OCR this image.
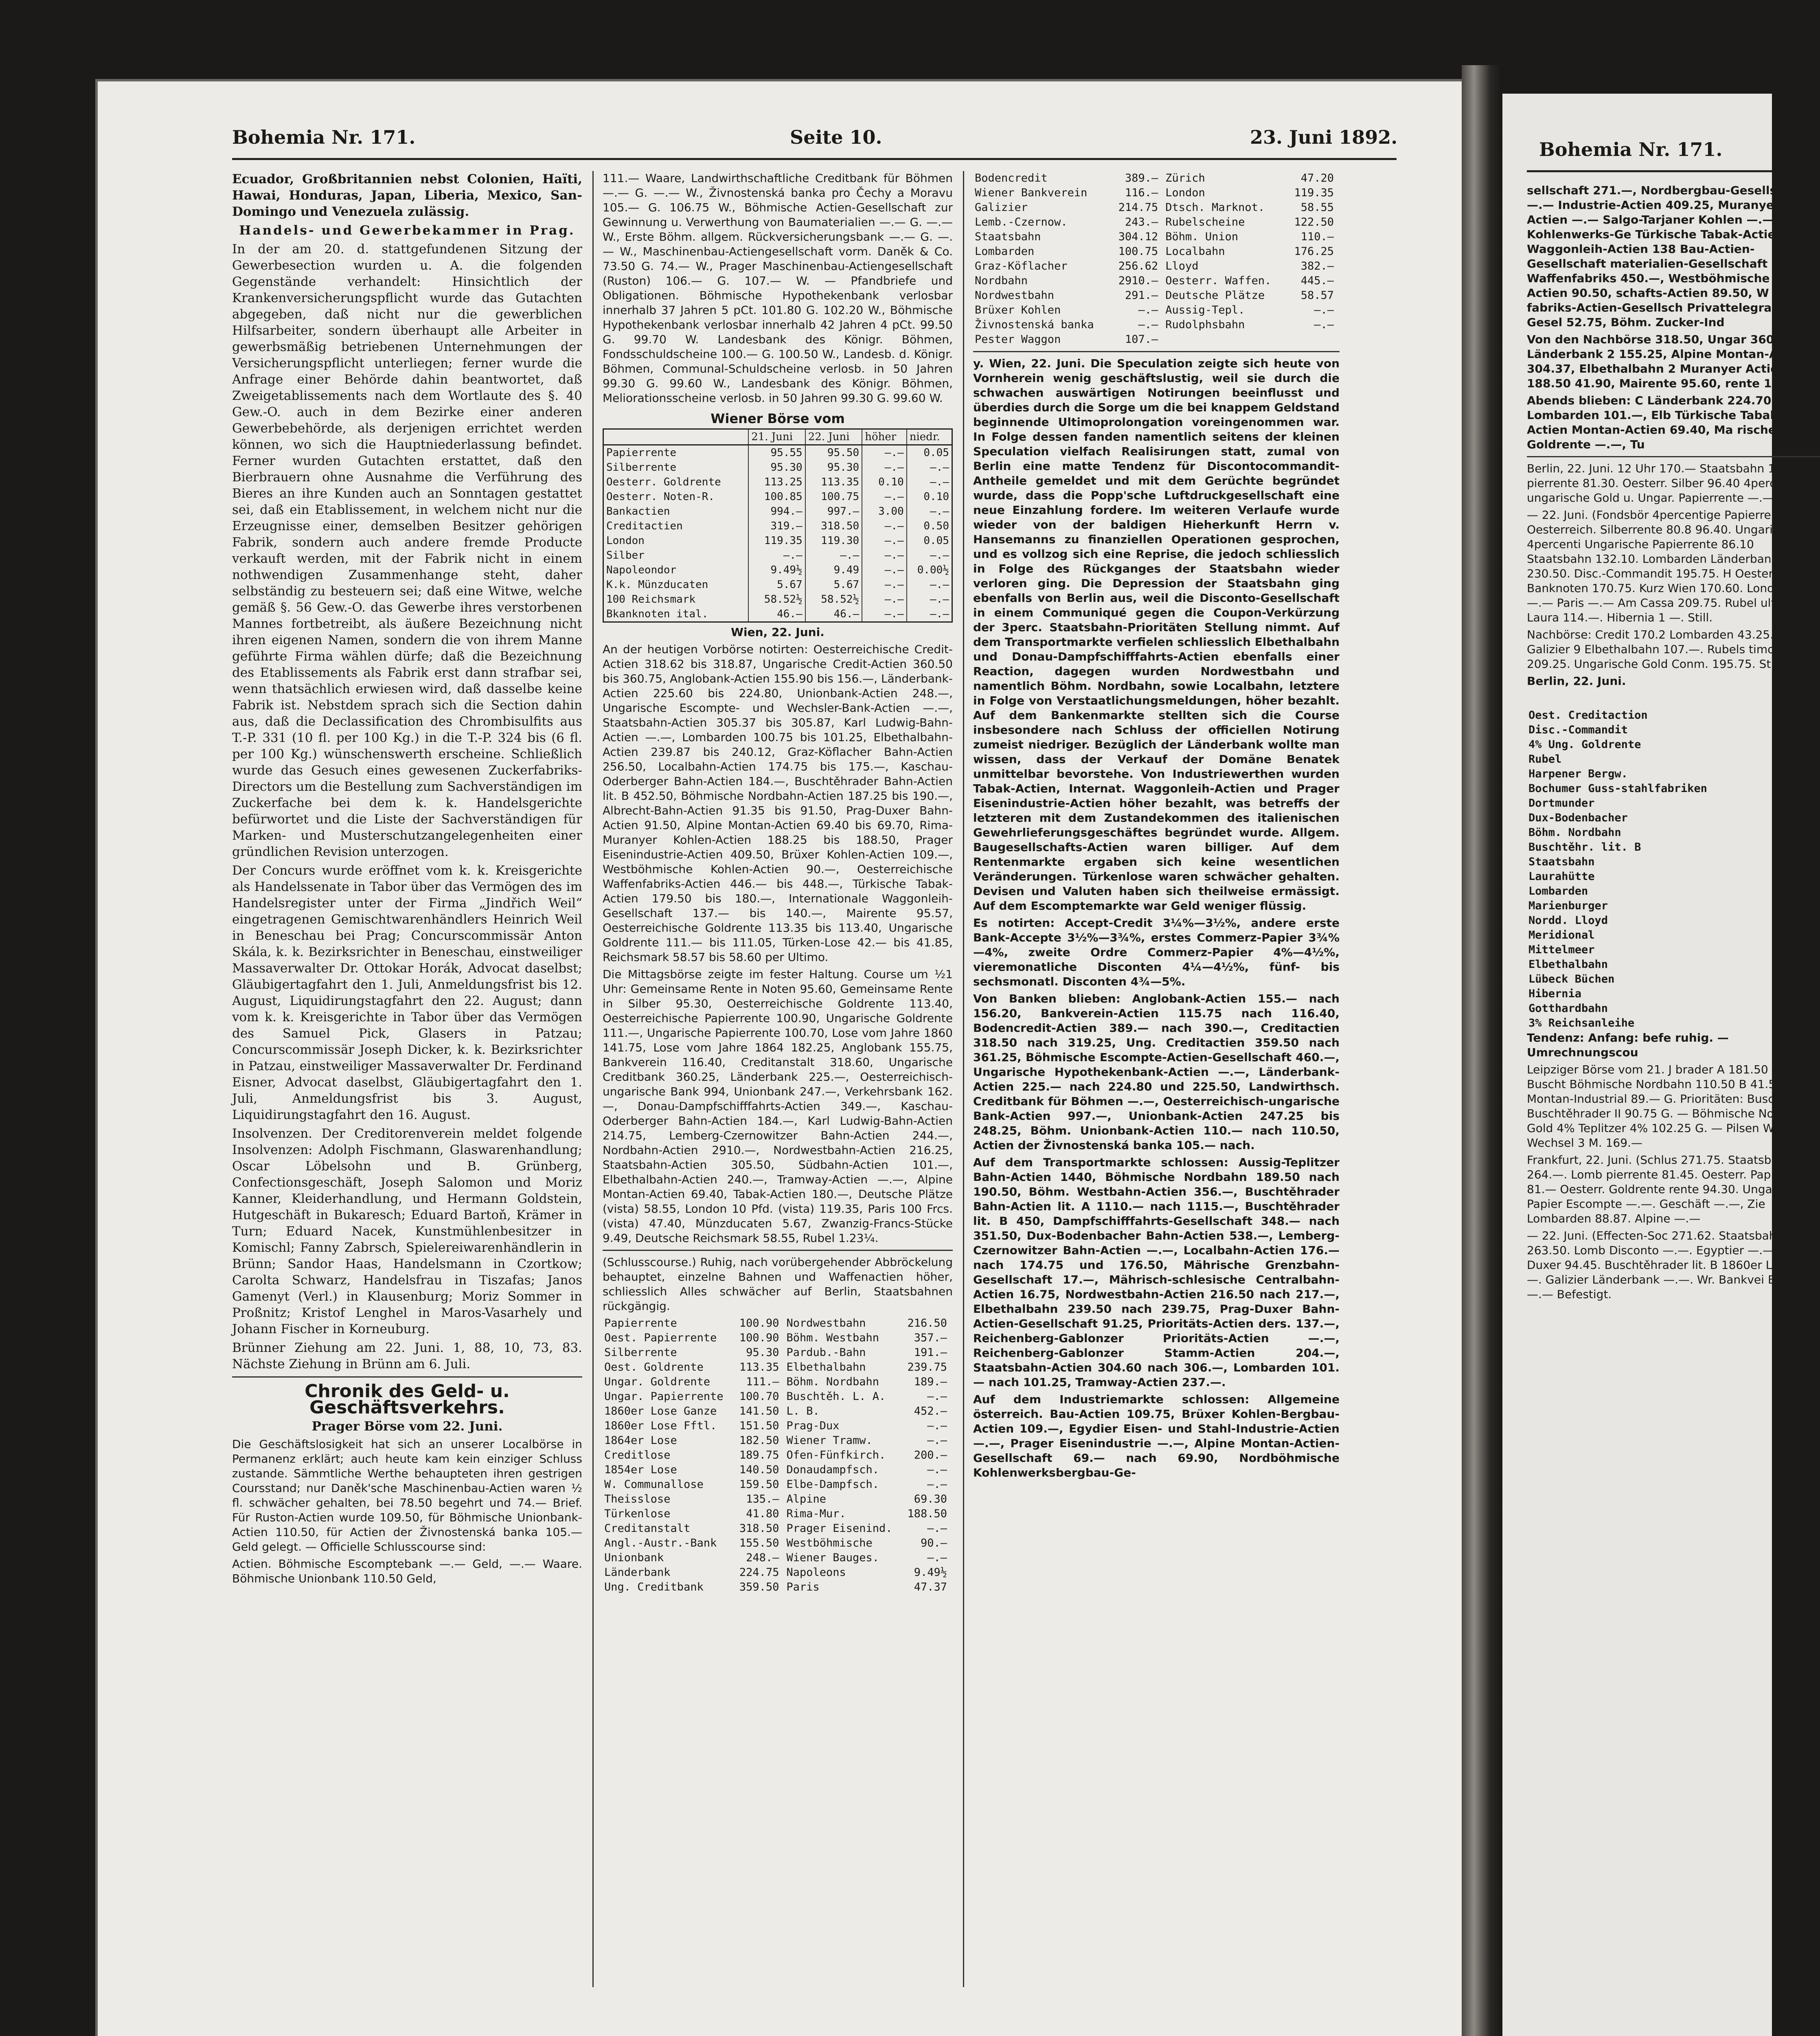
Bohemia Nr. 171.	Seite 10.	23. Juni 1892.

Ecuador, Großbritannien nebst Colonien, Haïti, Hawai, Honduras, Japan, Liberia, Mexico, San-Domingo und Venezuela zulässig.

Handels- und Gewerbekammer in Prag.

In der am 20. d. stattgefundenen Sitzung der Gewerbesection wurden u. A. die folgenden Gegenstände verhandelt: Hinsichtlich der Krankenversicherungspflicht wurde das Gutachten abgegeben, daß nicht nur die gewerblichen Hilfsarbeiter, sondern überhaupt alle Arbeiter in gewerbsmäßig betriebenen Unternehmungen der Versicherungspflicht unterliegen; ferner wurde die Anfrage einer Behörde dahin beantwortet, daß Zweigetablissements nach dem Wortlaute des §. 40 Gew.-O. auch in dem Bezirke einer anderen Gewerbebehörde, als derjenigen errichtet werden können, wo sich die Hauptniederlassung befindet. Ferner wurden Gutachten erstattet, daß den Bierbrauern ohne Ausnahme die Verführung des Bieres an ihre Kunden auch an Sonntagen gestattet sei, daß ein Etablissement, in welchem nicht nur die Erzeugnisse einer, demselben Besitzer gehörigen Fabrik, sondern auch andere fremde Producte verkauft werden, mit der Fabrik nicht in einem nothwendigen Zusammenhange steht, daher selbständig zu besteuern sei; daß eine Witwe, welche gemäß §. 56 Gew.-O. das Gewerbe ihres verstorbenen Mannes fortbetreibt, als äußere Bezeichnung nicht ihren eigenen Namen, sondern die von ihrem Manne geführte Firma wählen dürfe; daß die Bezeichnung des Etablissements als Fabrik erst dann strafbar sei, wenn thatsächlich erwiesen wird, daß dasselbe keine Fabrik ist. Nebstdem sprach sich die Section dahin aus, daß die Declassification des Chrombisulfits aus T.-P. 331 (10 fl. per 100 Kg.) in die T.-P. 324 bis (6 fl. per 100 Kg.) wünschenswerth erscheine. Schließlich wurde das Gesuch eines gewesenen Zuckerfabriks-Directors um die Bestellung zum Sachverständigen im Zuckerfache bei dem k. k. Handelsgerichte befürwortet und die Liste der Sachverständigen für Marken- und Musterschutzangelegenheiten einer gründlichen Revision unterzogen.

Der Concurs wurde eröffnet vom k. k. Kreisgerichte als Handelssenate in Tabor über das Vermögen des im Handelsregister unter der Firma „Jindřich Weil“ eingetragenen Gemischtwarenhändlers Heinrich Weil in Beneschau bei Prag; Concurscommissär Anton Skála, k. k. Bezirksrichter in Beneschau, einstweiliger Massaverwalter Dr. Ottokar Horák, Advocat daselbst; Gläubigertagfahrt den 1. Juli, Anmeldungsfrist bis 12. August, Liquidirungstagfahrt den 22. August; dann vom k. k. Kreisgerichte in Tabor über das Vermögen des Samuel Pick, Glasers in Patzau; Concurscommissär Joseph Dicker, k. k. Bezirksrichter in Patzau, einstweiliger Massaverwalter Dr. Ferdinand Eisner, Advocat daselbst, Gläubigertagfahrt den 1. Juli, Anmeldungsfrist bis 3. August, Liquidirungstagfahrt den 16. August.

Insolvenzen. Der Creditorenverein meldet folgende Insolvenzen: Adolph Fischmann, Glaswarenhandlung; Oscar Löbelsohn und B. Grünberg, Confectionsgeschäft, Joseph Salomon und Moriz Kanner, Kleiderhandlung, und Hermann Goldstein, Hutgeschäft in Bukaresch; Eduard Bartoň, Krämer in Turn; Eduard Nacek, Kunstmühlenbesitzer in Komischl; Fanny Zabrsch, Spielereiwarenhändlerin in Brünn; Sandor Haas, Handelsmann in Czortkow; Carolta Schwarz, Handelsfrau in Tiszafas; Janos Gamenyt (Verl.) in Klausenburg; Moriz Sommer in Proßnitz; Kristof Lenghel in Maros-Vasarhely und Johann Fischer in Korneuburg.

Brünner Ziehung am 22. Juni. 1, 88, 10, 73, 83. Nächste Ziehung in Brünn am 6. Juli.

Chronik des Geld- u. Geschäftsverkehrs.

Prager Börse vom 22. Juni.

Die Geschäftslosigkeit hat sich an unserer Localbörse in Permanenz erklärt; auch heute kam kein einziger Schluss zustande. Sämmtliche Werthe behaupteten ihren gestrigen Coursstand; nur Daněk'sche Maschinenbau-Actien waren ½ fl. schwächer gehalten, bei 78.50 begehrt und 74.— Brief. Für Ruston-Actien wurde 109.50, für Böhmische Unionbank-Actien 110.50, für Actien der Živnostenská banka 105.— Geld gelegt. — Officielle Schlusscourse sind:

Actien. Böhmische Escomptebank —.— Geld, —.— Waare. Böhmische Unionbank 110.50 Geld,

111.— Waare, Landwirthschaftliche Creditbank für Böhmen —.— G. —.— W., Živnostenská banka pro Čechy a Moravu 105.— G. 106.75 W., Böhmische Actien-Gesellschaft zur Gewinnung u. Verwerthung von Baumaterialien —.— G. —.— W., Erste Böhm. allgem. Rückversicherungsbank —.— G. —.— W., Maschinenbau-Actiengesellschaft vorm. Daněk & Co. 73.50 G. 74.— W., Prager Maschinenbau-Actiengesellschaft (Ruston) 106.— G. 107.— W. — Pfandbriefe und Obligationen. Böhmische Hypothekenbank verlosbar innerhalb 37 Jahren 5 pCt. 101.80 G. 102.20 W., Böhmische Hypothekenbank verlosbar innerhalb 42 Jahren 4 pCt. 99.50 G. 99.70 W. Landesbank des Königr. Böhmen, Fondsschuldscheine 100.— G. 100.50 W., Landesb. d. Königr. Böhmen, Communal-Schuldscheine verlosb. in 50 Jahren 99.30 G. 99.60 W., Landesbank des Königr. Böhmen, Meliorationsscheine verlosb. in 50 Jahren 99.30 G. 99.60 W.

Wiener Börse vom
	21. Juni	22. Juni	höher	niedr.
Papierrente	95.55	95.50	—.—	0.05
Silberrente	95.30	95.30	—.—	—.—
Oesterr. Goldrente	113.25	113.35	0.10	—.—
Oesterr. Noten-R.	100.85	100.75	—.—	0.10
Bankactien	994.—	997.—	3.00	—.—
Creditactien	319.—	318.50	—.—	0.50
London	119.35	119.30	—.—	0.05
Silber	—.—	—.—	—.—	—.—
Napoleondor	9.49½	9.49	—.—	0.00½
K.k. Münzducaten	5.67	5.67	—.—	—.—
100 Reichsmark	58.52½	58.52½	—.—	—.—
Bkanknoten ital.	46.—	46.—	—.—	—.—

Wien, 22. Juni.

An der heutigen Vorbörse notirten: Oesterreichische Credit-Actien 318.62 bis 318.87, Ungarische Credit-Actien 360.50 bis 360.75, Anglobank-Actien 155.90 bis 156.—, Länderbank-Actien 225.60 bis 224.80, Unionbank-Actien 248.—, Ungarische Escompte- und Wechsler-Bank-Actien —.—, Staatsbahn-Actien 305.37 bis 305.87, Karl Ludwig-Bahn-Actien —.—, Lombarden 100.75 bis 101.25, Elbethalbahn-Actien 239.87 bis 240.12, Graz-Köflacher Bahn-Actien 256.50, Localbahn-Actien 174.75 bis 175.—, Kaschau-Oderberger Bahn-Actien 184.—, Buschtěhrader Bahn-Actien lit. B 452.50, Böhmische Nordbahn-Actien 187.25 bis 190.—, Albrecht-Bahn-Actien 91.35 bis 91.50, Prag-Duxer Bahn-Actien 91.50, Alpine Montan-Actien 69.40 bis 69.70, Rima-Muranyer Kohlen-Actien 188.25 bis 188.50, Prager Eisenindustrie-Actien 409.50, Brüxer Kohlen-Actien 109.—, Westböhmische Kohlen-Actien 90.—, Oesterreichische Waffenfabriks-Actien 446.— bis 448.—, Türkische Tabak-Actien 179.50 bis 180.—, Internationale Waggonleih-Gesellschaft 137.— bis 140.—, Mairente 95.57, Oesterreichische Goldrente 113.35 bis 113.40, Ungarische Goldrente 111.— bis 111.05, Türken-Lose 42.— bis 41.85, Reichsmark 58.57 bis 58.60 per Ultimo.

Die Mittagsbörse zeigte im fester Haltung. Course um ½1 Uhr: Gemeinsame Rente in Noten 95.60, Gemeinsame Rente in Silber 95.30, Oesterreichische Goldrente 113.40, Oesterreichische Papierrente 100.90, Ungarische Goldrente 111.—, Ungarische Papierrente 100.70, Lose vom Jahre 1860 141.75, Lose vom Jahre 1864 182.25, Anglobank 155.75, Bankverein 116.40, Creditanstalt 318.60, Ungarische Creditbank 360.25, Länderbank 225.—, Oesterreichisch-ungarische Bank 994, Unionbank 247.—, Verkehrsbank 162.—, Donau-Dampfschifffahrts-Actien 349.—, Kaschau-Oderberger Bahn-Actien 184.—, Karl Ludwig-Bahn-Actien 214.75, Lemberg-Czernowitzer Bahn-Actien 244.—, Nordbahn-Actien 2910.—, Nordwestbahn-Actien 216.25, Staatsbahn-Actien 305.50, Südbahn-Actien 101.—, Elbethalbahn-Actien 240.—, Tramway-Actien —.—, Alpine Montan-Actien 69.40, Tabak-Actien 180.—, Deutsche Plätze (vista) 58.55, London 10 Pfd. (vista) 119.35, Paris 100 Frcs. (vista) 47.40, Münzducaten 5.67, Zwanzig-Francs-Stücke 9.49, Deutsche Reichsmark 58.55, Rubel 1.23¼.

(Schlusscourse.) Ruhig, nach vorübergehender Abbröckelung behauptet, einzelne Bahnen und Waffenactien höher, schliesslich Alles schwächer auf Berlin, Staatsbahnen rückgängig.

Papierrente	100.90	Nordwestbahn	216.50
Oest. Papierrente	100.90	Böhm. Westbahn	357.—
Silberrente	95.30	Pardub.-Bahn	191.—
Oest. Goldrente	113.35	Elbethalbahn	239.75
Ungar. Goldrente	111.—	Böhm. Nordbahn	189.—
Ungar. Papierrente	100.70	Buschtěh. L. A.	—.—
1860er Lose Ganze	141.50	L. B.	452.—
1860er Lose Fftl.	151.50	Prag-Dux	—.—
1864er Lose	182.50	Wiener Tramw.	—.—
Creditlose	189.75	Ofen-Fünfkirch.	200.—
1854er Lose	140.50	Donaudampfsch.	—.—
W. Communallose	159.50	Elbe-Dampfsch.	—.—
Theisslose	135.—	Alpine	69.30
Türkenlose	41.80	Rima-Mur.	188.50
Creditanstalt	318.50	Prager Eisenind.	—.—
Angl.-Austr.-Bank	155.50	Westböhmische	90.—
Unionbank	248.—	Wiener Bauges.	—.—
Länderbank	224.75	Napoleons	9.49½
Ung. Creditbank	359.50	Paris	47.37
Bodencredit	389.—	Zürich	47.20
Wiener Bankverein	116.—	London	119.35
Galizier	214.75	Dtsch. Marknot.	58.55
Lemb.-Czernow.	243.—	Rubelscheine	122.50
Staatsbahn	304.12	Böhm. Union	110.—
Lombarden	100.75	Localbahn	176.25
Graz-Köflacher	256.62	Lloyd	382.—
Nordbahn	2910.—	Oesterr. Waffen.	445.—
Nordwestbahn	291.—	Deutsche Plätze	58.57
Brüxer Kohlen	—.—	Aussig-Tepl.	—.—
Živnostenská banka	—.—	Rudolphsbahn	—.—
Pester Waggon	107.—		

y. Wien, 22. Juni. Die Speculation zeigte sich heute von Vornherein wenig geschäftslustig, weil sie durch die schwachen auswärtigen Notirungen beeinflusst und überdies durch die Sorge um die bei knappem Geldstand beginnende Ultimoprolongation voreingenommen war. In Folge dessen fanden namentlich seitens der kleinen Speculation vielfach Realisirungen statt, zumal von Berlin eine matte Tendenz für Discontocommandit-Antheile gemeldet und mit dem Gerüchte begründet wurde, dass die Popp'sche Luftdruckgesellschaft eine neue Einzahlung fordere. Im weiteren Verlaufe wurde wieder von der baldigen Hieherkunft Herrn v. Hansemanns zu finanziellen Operationen gesprochen, und es vollzog sich eine Reprise, die jedoch schliesslich in Folge des Rückganges der Staatsbahn wieder verloren ging. Die Depression der Staatsbahn ging ebenfalls von Berlin aus, weil die Disconto-Gesellschaft in einem Communiqué gegen die Coupon-Verkürzung der 3perc. Staatsbahn-Prioritäten Stellung nimmt. Auf dem Transportmarkte verfielen schliesslich Elbethalbahn und Donau-Dampfschifffahrts-Actien ebenfalls einer Reaction, dagegen wurden Nordwestbahn und namentlich Böhm. Nordbahn, sowie Localbahn, letztere in Folge von Verstaatlichungsmeldungen, höher bezahlt. Auf dem Bankenmarkte stellten sich die Course insbesondere nach Schluss der officiellen Notirung zumeist niedriger. Bezüglich der Länderbank wollte man wissen, dass der Verkauf der Domäne Benatek unmittelbar bevorstehe. Von Industriewerthen wurden Tabak-Actien, Internat. Waggonleih-Actien und Prager Eisenindustrie-Actien höher bezahlt, was betreffs der letzteren mit dem Zustandekommen des italienischen Gewehrlieferungsgeschäftes begründet wurde. Allgem. Baugesellschafts-Actien waren billiger. Auf dem Rentenmarkte ergaben sich keine wesentlichen Veränderungen. Türkenlose waren schwächer gehalten. Devisen und Valuten haben sich theilweise ermässigt. Auf dem Escomptemarkte war Geld weniger flüssig.

Es notirten: Accept-Credit 3¼%—3½%, andere erste Bank-Accepte 3½%—3¾%, erstes Commerz-Papier 3¾%—4%, zweite Ordre Commerz-Papier 4%—4½%, vieremonatliche Disconten 4¼—4½%, fünf- bis sechsmonatl. Disconten 4¾—5%.

Von Banken blieben: Anglobank-Actien 155.— nach 156.20, Bankverein-Actien 115.75 nach 116.40, Bodencredit-Actien 389.— nach 390.—, Creditactien 318.50 nach 319.25, Ung. Creditactien 359.50 nach 361.25, Böhmische Escompte-Actien-Gesellschaft 460.—, Ungarische Hypothekenbank-Actien —.—, Länderbank-Actien 225.— nach 224.80 und 225.50, Landwirthsch. Creditbank für Böhmen —.—, Oesterreichisch-ungarische Bank-Actien 997.—, Unionbank-Actien 247.25 bis 248.25, Böhm. Unionbank-Actien 110.— nach 110.50, Actien der Živnostenská banka 105.— nach.

Auf dem Transportmarkte schlossen: Aussig-Teplitzer Bahn-Actien 1440, Böhmische Nordbahn 189.50 nach 190.50, Böhm. Westbahn-Actien 356.—, Buschtěhrader Bahn-Actien lit. A 1110.— nach 1115.—, Buschtěhrader lit. B 450, Dampfschifffahrts-Gesellschaft 348.— nach 351.50, Dux-Bodenbacher Bahn-Actien 538.—, Lemberg-Czernowitzer Bahn-Actien —.—, Localbahn-Actien 176.— nach 174.75 und 176.50, Mährische Grenzbahn-Gesellschaft 17.—, Mährisch-schlesische Centralbahn-Actien 16.75, Nordwestbahn-Actien 216.50 nach 217.—, Elbethalbahn 239.50 nach 239.75, Prag-Duxer Bahn-Actien-Gesellschaft 91.25, Prioritäts-Actien ders. 137.—, Reichenberg-Gablonzer Prioritäts-Actien —.—, Reichenberg-Gablonzer Stamm-Actien 204.—, Staatsbahn-Actien 304.60 nach 306.—, Lombarden 101.— nach 101.25, Tramway-Actien 237.—.

Auf dem Industriemarkte schlossen: Allgemeine österreich. Bau-Actien 109.75, Brüxer Kohlen-Bergbau-Actien 109.—, Egydier Eisen- und Stahl-Industrie-Actien —.—, Prager Eisenindustrie —.—, Alpine Montan-Actien-Gesellschaft 69.— nach 69.90, Nordböhmische Kohlenwerksbergbau-Ge-

Bohemia Nr. 171.

sellschaft 271.—, Nordbergbau-Gesellschaft —.— Industrie-Actien 409.25, Muranyer Actien —.— Salgo-Tarjaner Kohlen —.— faller Kohlenwerks-Ge Türkische Tabak-Actie Waggonleih-Actien 138 Bau-Actien-Gesellschaft materialien-Gesellschaft rische Waffenfabriks 450.—, Westböhmische verein-Actien 90.50, schafts-Actien 89.50, W fabriks-Actien-Gesellsch Privattelegraphen-Gesel 52.75, Böhm. Zucker-Ind

Von den Nachbörse 318.50, Ungar 360.25, Länderbank 2 155.25, Alpine Montan-A 304.37, Elbethalbahn 2 Muranyer Actien 188.50 41.90, Mairente 95.60, rente 111.—.

Abends blieben: C Länderbank 224.70, E Lombarden 101.—, Elb Türkische Tabak-Actien Montan-Actien 69.40, Ma rische Goldrente —.—, Tu

Berlin, 22. Juni. 12 Uhr 170.— Staatsbahn 132.75. pierrente 81.30. Oesterr. Silber 96.40 4perc. ungarische Gold u. Ungar. Papierrente —.—,

— 22. Juni. (Fondsbör 4percentige Papierrente —.— Oesterreich. Silberrente 80.8 96.40. Ungarische 4percenti Ungarische Papierrente 86.10 Staatsbahn 132.10. Lombarden Länderbank 230.50. Disc.-Commandit 195.75. H Oesterr. Banknoten 170.75. Kurz Wien 170.60. London lang —.— Paris —.— Am Cassa 209.75. Rubel ult. 209 Laura 114.—. Hibernia 1 —. Still.

Nachbörse: Credit 170.2 Lombarden 43.25. Galizier 9 Elbethalbahn 107.—. Rubels timo 209.25. Ungarische Gold Conm. 195.75. Still.

Berlin, 22. Juni.

Anfang

Oest. Creditaction	170.—
Disc.-Commandit	195.80
4% Ung. Goldrente	—.—
Rubel	210.—
Harpener Bergw.	149.10
Bochumer Guss-stahlfabriken	133.80
Dortmunder	—.—
Dux-Bodenbacher	—.—
Böhm. Nordbahn	—.—
Buschtěhr. lit. B	193.20
Staatsbahn	—.—
Laurahütte	—.—
Lombarden	43.40
Marienburger	—.—
Nordd. Lloyd	110.40
Meridional	—.—
Mittelmeer	—.—
Elbethalbahn	—.—
Lübeck Büchen	—.—
Hibernia	—.—
Gotthardbahn	—.—
3% Reichsanleihe	—.—

Tendenz: Anfang: befe ruhig. — Umrechnungscou

Leipziger Börse vom 21. J brader A 181.50 bz.B. Buscht Böhmische Nordbahn 110.50 B 41.50 B. — Montan-Industrial 89.— G. Prioritäten: Buschtě Buschtěhrader II 90.75 G. — Böhmische Nordbahn Gold 4% Teplitzer 4% 102.25 G. — Pilsen Wiener Wechsel 3 M. 169.—

Frankfurt, 22. Juni. (Schlus 271.75. Staatsbahn 264.—. Lomb pierrente 81.45. Oesterr. Papie rente 81.— Oesterr. Goldrente rente 94.30. Ungarische Papier Escompte —.—. Geschäft —.—, Zie Lombarden 88.87. Alpine —.—

— 22. Juni. (Effecten-Soc 271.62. Staatsbahn 263.50. Lomb Disconto —.—. Egyptier —.— Prag-Duxer 94.45. Buschtěhrader lit. B 1860er Lose —.—. Galizier Länderbank —.—. Wr. Bankvei Elbethal —.— Befestigt.
